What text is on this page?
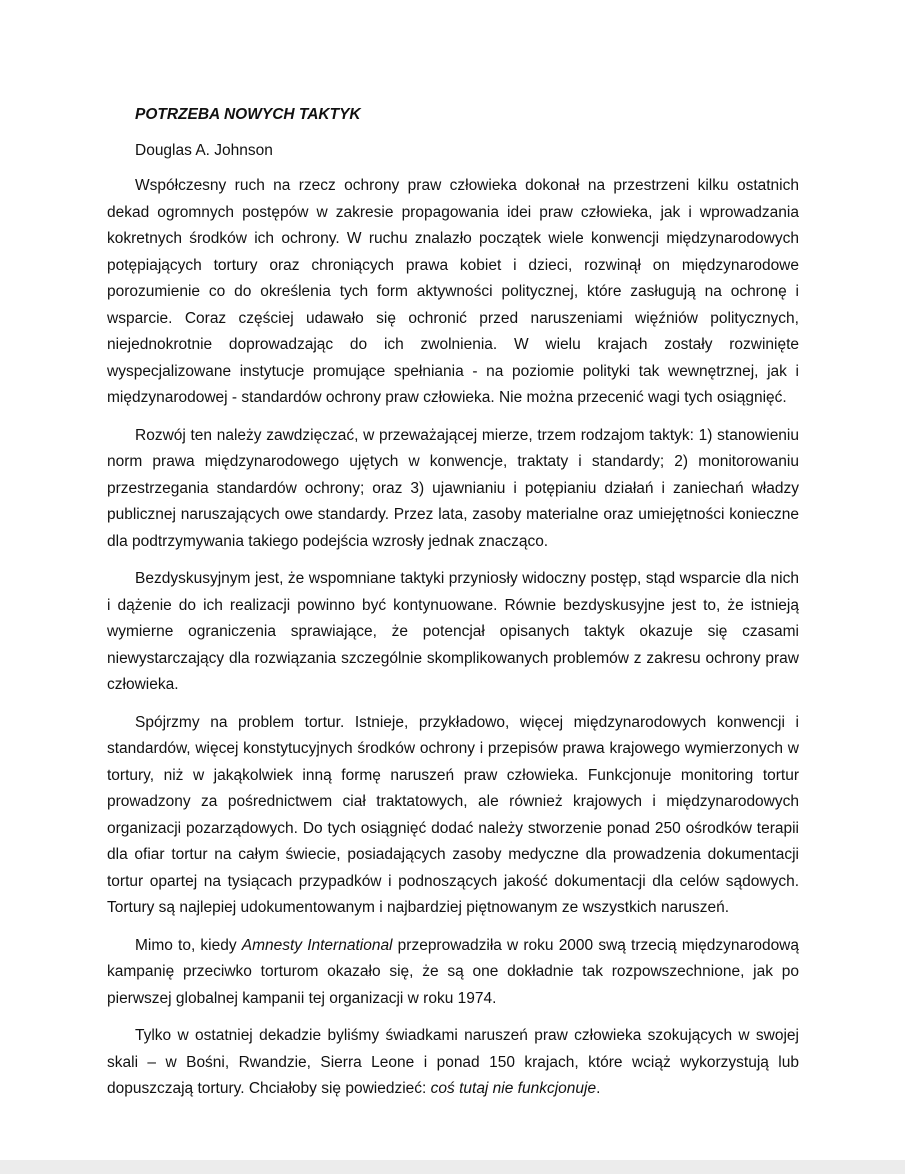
POTRZEBA NOWYCH TAKTYK
Douglas A. Johnson

Współczesny ruch na rzecz ochrony praw człowieka dokonał na przestrzeni kilku ostatnich dekad ogromnych postępów w zakresie propagowania idei praw człowieka, jak i wprowadzania kokretnych środków ich ochrony. W ruchu znalazło początek wiele konwencji międzynarodowych potępiających tortury oraz chroniących prawa kobiet i dzieci, rozwinął on międzynarodowe porozumienie co do określenia tych form aktywności politycznej, które zasługują na ochronę i wsparcie. Coraz częściej udawało się ochronić przed naruszeniami więźniów politycznych, niejednokrotnie doprowadzając do ich zwolnienia. W wielu krajach zostały rozwinięte wyspecjalizowane instytucje promujące spełniania - na poziomie polityki tak wewnętrznej, jak i międzynarodowej - standardów ochrony praw człowieka. Nie można przecenić wagi tych osiągnięć.

Rozwój ten należy zawdzięczać, w przeważającej mierze, trzem rodzajom taktyk: 1) stanowieniu norm prawa międzynarodowego ujętych w konwencje, traktaty i standardy; 2) monitorowaniu przestrzegania standardów ochrony; oraz 3) ujawnianiu i potępianiu działań i zaniechań władzy publicznej naruszających owe standardy. Przez lata, zasoby materialne oraz umiejętności konieczne dla podtrzymywania takiego podejścia wzrosły jednak znacząco.

Bezdyskusyjnym jest, że wspomniane taktyki przyniosły widoczny postęp, stąd wsparcie dla nich i dążenie do ich realizacji powinno być kontynuowane. Równie bezdyskusyjne jest to, że istnieją wymierne ograniczenia sprawiające, że potencjał opisanych taktyk okazuje się czasami niewystarczający dla rozwiązania szczególnie skomplikowanych problemów z zakresu ochrony praw człowieka.

Spójrzmy na problem tortur. Istnieje, przykładowo, więcej międzynarodowych konwencji i standardów, więcej konstytucyjnych środków ochrony i przepisów prawa krajowego wymierzonych w tortury, niż w jakąkolwiek inną formę naruszeń praw człowieka. Funkcjonuje monitoring tortur prowadzony za pośrednictwem ciał traktatowych, ale również krajowych i międzynarodowych organizacji pozarządowych. Do tych osiągnięć dodać należy stworzenie ponad 250 ośrodków terapii dla ofiar tortur na całym świecie, posiadających zasoby medyczne dla prowadzenia dokumentacji tortur opartej na tysiącach przypadków i podnoszących jakość dokumentacji dla celów sądowych. Tortury są najlepiej udokumentowanym i najbardziej piętnowanym ze wszystkich naruszeń.

Mimo to, kiedy Amnesty International przeprowadziła w roku 2000 swą trzecią międzynarodową kampanię przeciwko torturom okazało się, że są one dokładnie tak rozpowszechnione, jak po pierwszej globalnej kampanii tej organizacji w roku 1974.

Tylko w ostatniej dekadzie byliśmy świadkami naruszeń praw człowieka szokujących w swojej skali – w Bośni, Rwandzie, Sierra Leone i ponad 150 krajach, które wciąż wykorzystują lub dopuszczają tortury. Chciałoby się powiedzieć: coś tutaj nie funkcjonuje.
